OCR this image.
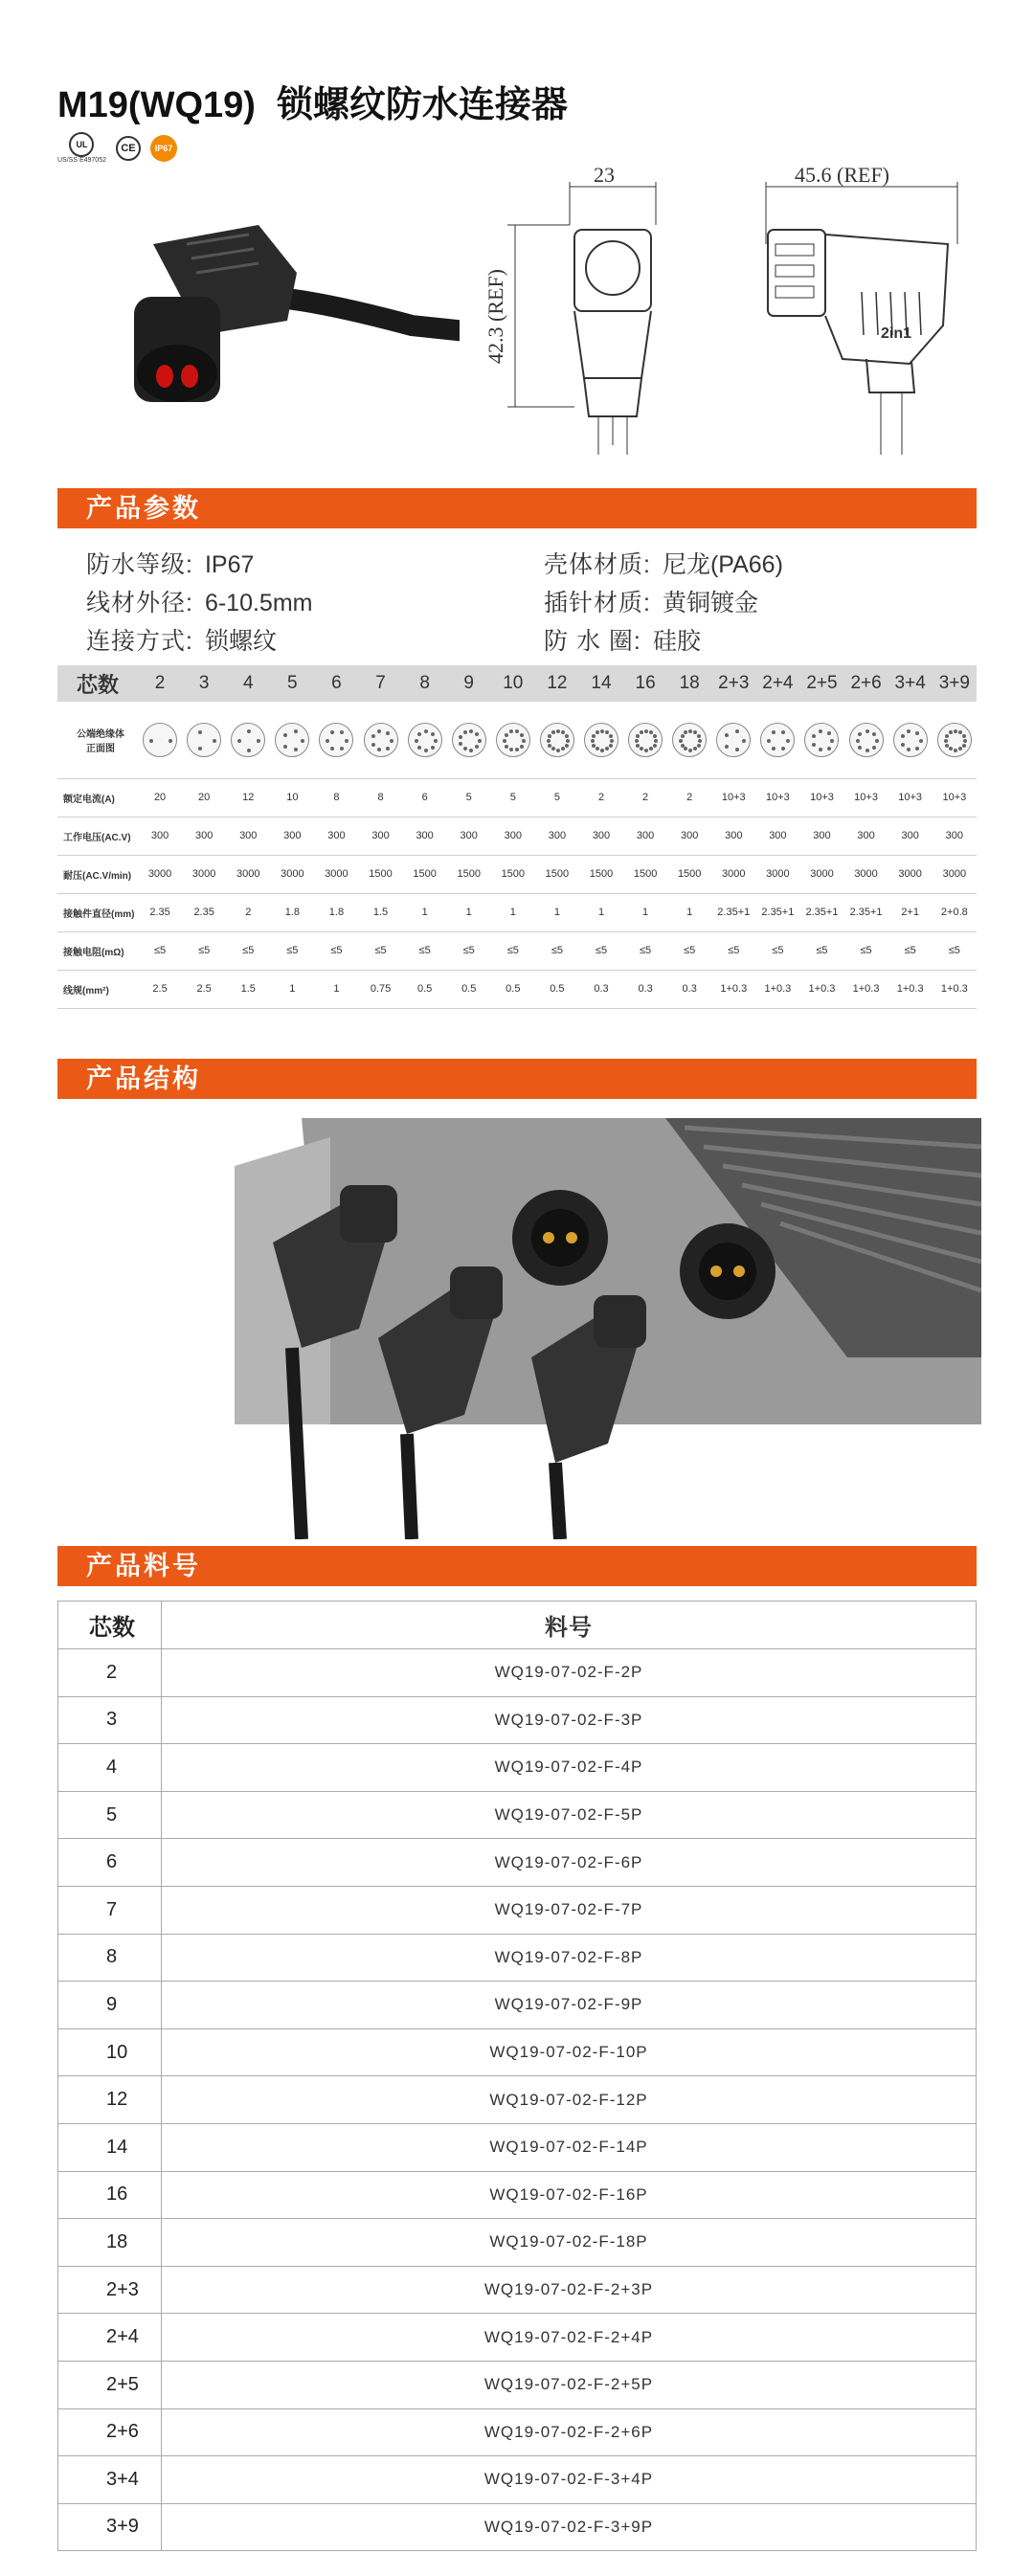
M19(WQ19) 锁螺纹防水连接器
UL
US/SS E497052
CE	IP67
23
42.3 (REF)
45.6 (REF)
2in1
产品参数
防水等级: IP67	壳体材质: 尼龙(PA66)
线材外径: 6-10.5mm	插针材质: 黄铜镀金
连接方式: 锁螺纹	防 水 圈: 硅胶
芯数	2	3	4	5	6	7	8	9	10	12	14	16	18	2+3	2+4	2+5	2+6	3+4	3+9

公端绝缘体
正面图																			

额定电流(A)	20	20	12	10	8	8	6	5	5	5	2	2	2	10+3	10+3	10+3	10+3	10+3	10+3
工作电压(AC.V)	300	300	300	300	300	300	300	300	300	300	300	300	300	300	300	300	300	300	300
耐压(AC.V/min)	3000	3000	3000	3000	3000	1500	1500	1500	1500	1500	1500	1500	1500	3000	3000	3000	3000	3000	3000
接触件直径(mm)	2.35	2.35	2	1.8	1.8	1.5	1	1	1	1	1	1	1	2.35+1	2.35+1	2.35+1	2.35+1	2+1	2+0.8
接触电阻(mΩ)	≤5	≤5	≤5	≤5	≤5	≤5	≤5	≤5	≤5	≤5	≤5	≤5	≤5	≤5	≤5	≤5	≤5	≤5	≤5
线规(mm²)	2.5	2.5	1.5	1	1	0.75	0.5	0.5	0.5	0.5	0.3	0.3	0.3	1+0.3	1+0.3	1+0.3	1+0.3	1+0.3	1+0.3
产品结构
产品料号
芯数	料号
2	WQ19-07-02-F-2P
3	WQ19-07-02-F-3P
4	WQ19-07-02-F-4P
5	WQ19-07-02-F-5P
6	WQ19-07-02-F-6P
7	WQ19-07-02-F-7P
8	WQ19-07-02-F-8P
9	WQ19-07-02-F-9P
10	WQ19-07-02-F-10P
12	WQ19-07-02-F-12P
14	WQ19-07-02-F-14P
16	WQ19-07-02-F-16P
18	WQ19-07-02-F-18P
2+3	WQ19-07-02-F-2+3P
2+4	WQ19-07-02-F-2+4P
2+5	WQ19-07-02-F-2+5P
2+6	WQ19-07-02-F-2+6P
3+4	WQ19-07-02-F-3+4P
3+9	WQ19-07-02-F-3+9P
